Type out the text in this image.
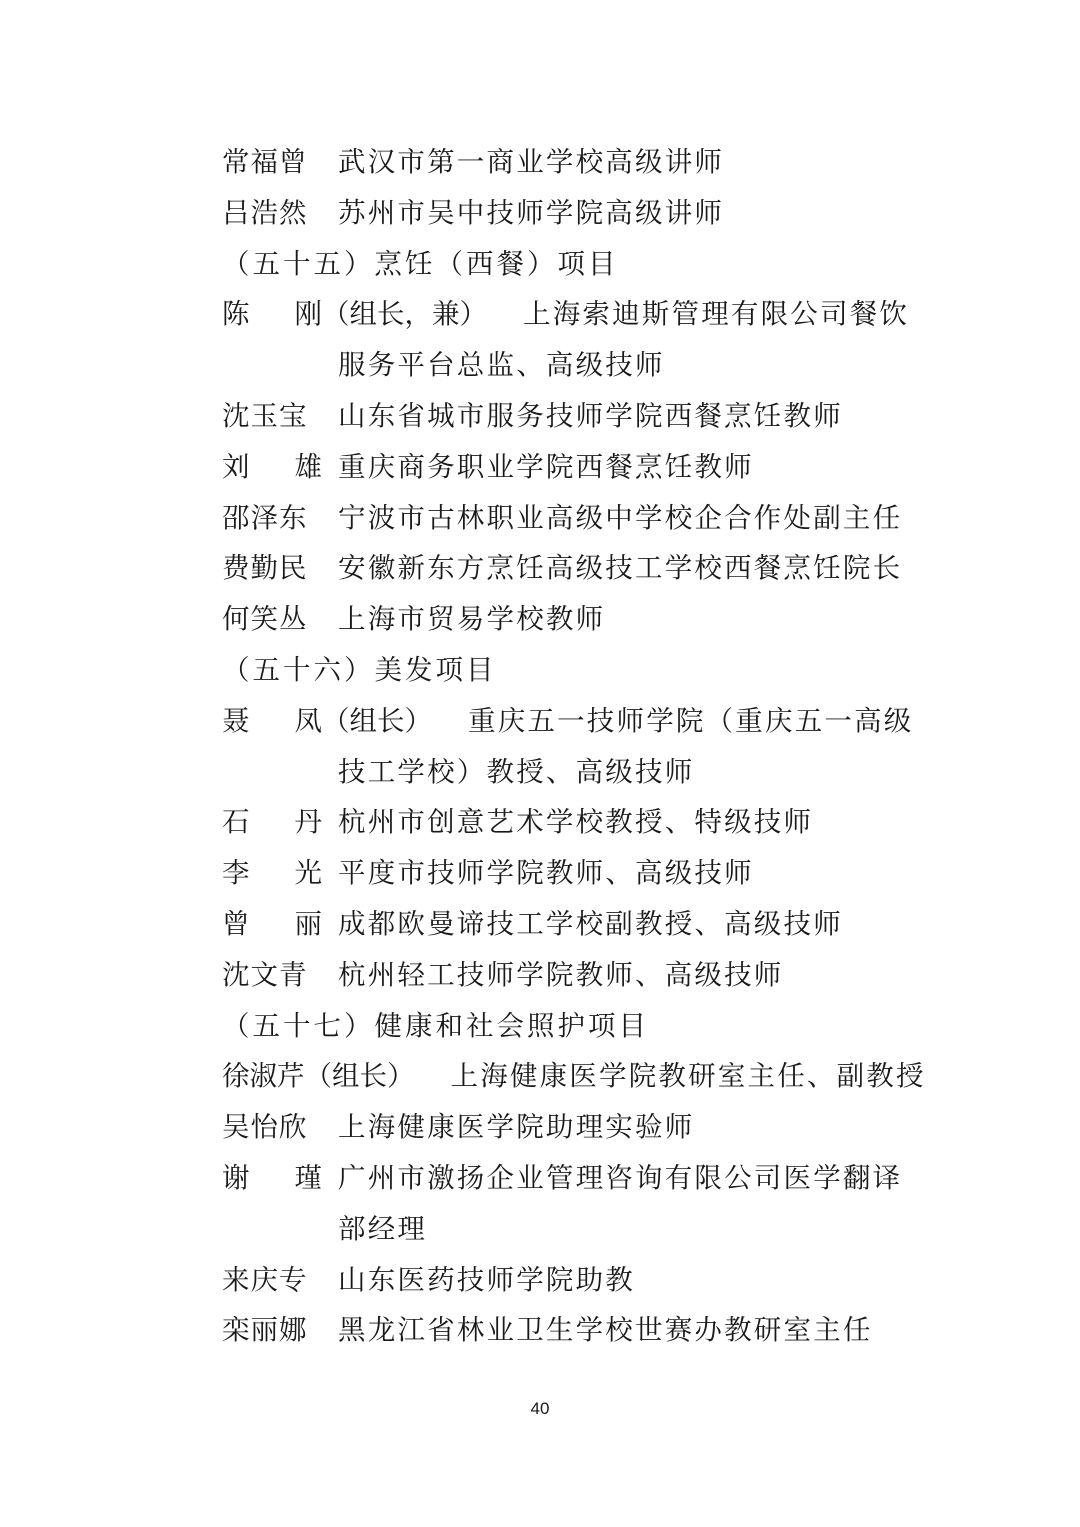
常福曾	武汉市第一商业学校高级讲师
吕浩然	苏州市吴中技师学院高级讲师
（五十五）烹饪（西餐）项目
陈 刚（组长，兼） 上海索迪斯管理有限公司餐饮
服务平台总监、高级技师
沈玉宝	山东省城市服务技师学院西餐烹饪教师
刘 雄 重庆商务职业学院西餐烹饪教师
邵泽东	宁波市古林职业高级中学校企合作处副主任
费勤民	安徽新东方烹饪高级技工学校西餐烹饪院长
何笑丛	上海市贸易学校教师
（五十六）美发项目
聂 凤（组长） 重庆五一技师学院（重庆五一高级
技工学校）教授、高级技师
石 丹 杭州市创意艺术学校教授、特级技师
李 光 平度市技师学院教师、高级技师
曾 丽 成都欧曼谛技工学校副教授、高级技师
沈文青	杭州轻工技师学院教师、高级技师
（五十七）健康和社会照护项目
徐淑芹（组长） 上海健康医学院教研室主任、副教授
吴怡欣	上海健康医学院助理实验师
谢 瑾 广州市激扬企业管理咨询有限公司医学翻译
部经理
来庆专	山东医药技师学院助教
栾丽娜	黑龙江省林业卫生学校世赛办教研室主任
40
